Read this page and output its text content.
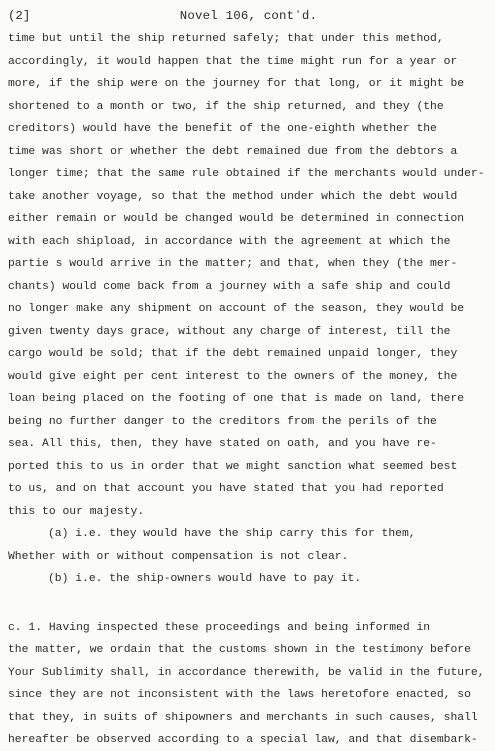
(2]	Novel 106, contʼd.
time but until the ship returned safely; that under this method,
accordingly, it would happen that the time might run for a year or
more, if the ship were on the journey for that long, or it might be
shortened to a month or two, if the ship returned, and they (the
creditors) would have the benefit of the one-eighth whether the
time was short or whether the debt remained due from the debtors a
longer time; that the same rule obtained if the merchants would under-
take another voyage, so that the method under which the debt would
either remain or would be changed would be determined in connection
with each shipload, in accordance with the agreement at which the
partie s would arrive in the matter; and that, when they (the mer-
chants) would come back from a journey with a safe ship and could
no longer make any shipment on account of the season, they would be
given twenty days grace, without any charge of interest, till the
cargo would be sold; that if the debt remained unpaid longer, they
would give eight per cent interest to the owners of the money, the
loan being placed on the footing of one that is made on land, there
being no further danger to the creditors from the perils of the
sea. All this, then, they have stated on oath, and you have re-
ported this to us in order that we might sanction what seemed best
to us, and on that account you have stated that you had reported
this to our majesty.
(a) i.e. they would have the ship carry this for them,
Whether with or without compensation is not clear.
(b) i.e. the ship-owners would have to pay it.
c. 1. Having inspected these proceedings and being informed in
the matter, we ordain that the customs shown in the testimony before
Your Sublimity shall, in accordance therewith, be valid in the future,
since they are not inconsistent with the laws heretofore enacted, so
that they, in suits of shipowners and merchants in such causes, shall
hereafter be observed according to a special law, and that disembark-
